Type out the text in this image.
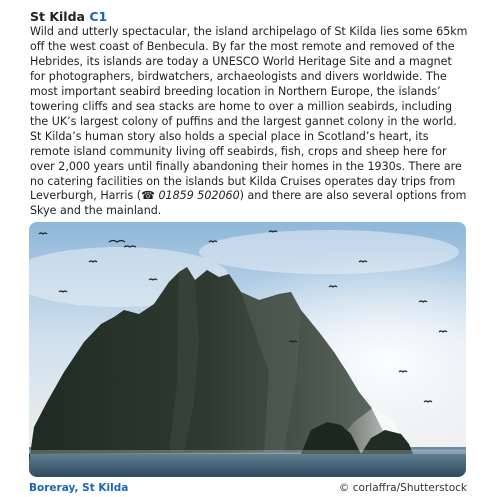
St Kilda C1
Wild and utterly spectacular, the island archipelago of St Kilda lies some 65km off the west coast of Benbecula. By far the most remote and removed of the Hebrides, its islands are today a UNESCO World Heritage Site and a magnet for photographers, birdwatchers, archaeologists and divers worldwide. The most important seabird breeding location in Northern Europe, the islands’ towering cliffs and sea stacks are home to over a million seabirds, including the UK’s largest colony of puffins and the largest gannet colony in the world. St Kilda’s human story also holds a special place in Scotland’s heart, its remote island community living off seabirds, fish, crops and sheep here for over 2,000 years until finally abandoning their homes in the 1930s. There are no catering facilities on the islands but Kilda Cruises operates day trips from Leverburgh, Harris (☎ 01859 502060) and there are also several options from Skye and the mainland.
Boreray, St Kilda	© corlaffra/Shutterstock
